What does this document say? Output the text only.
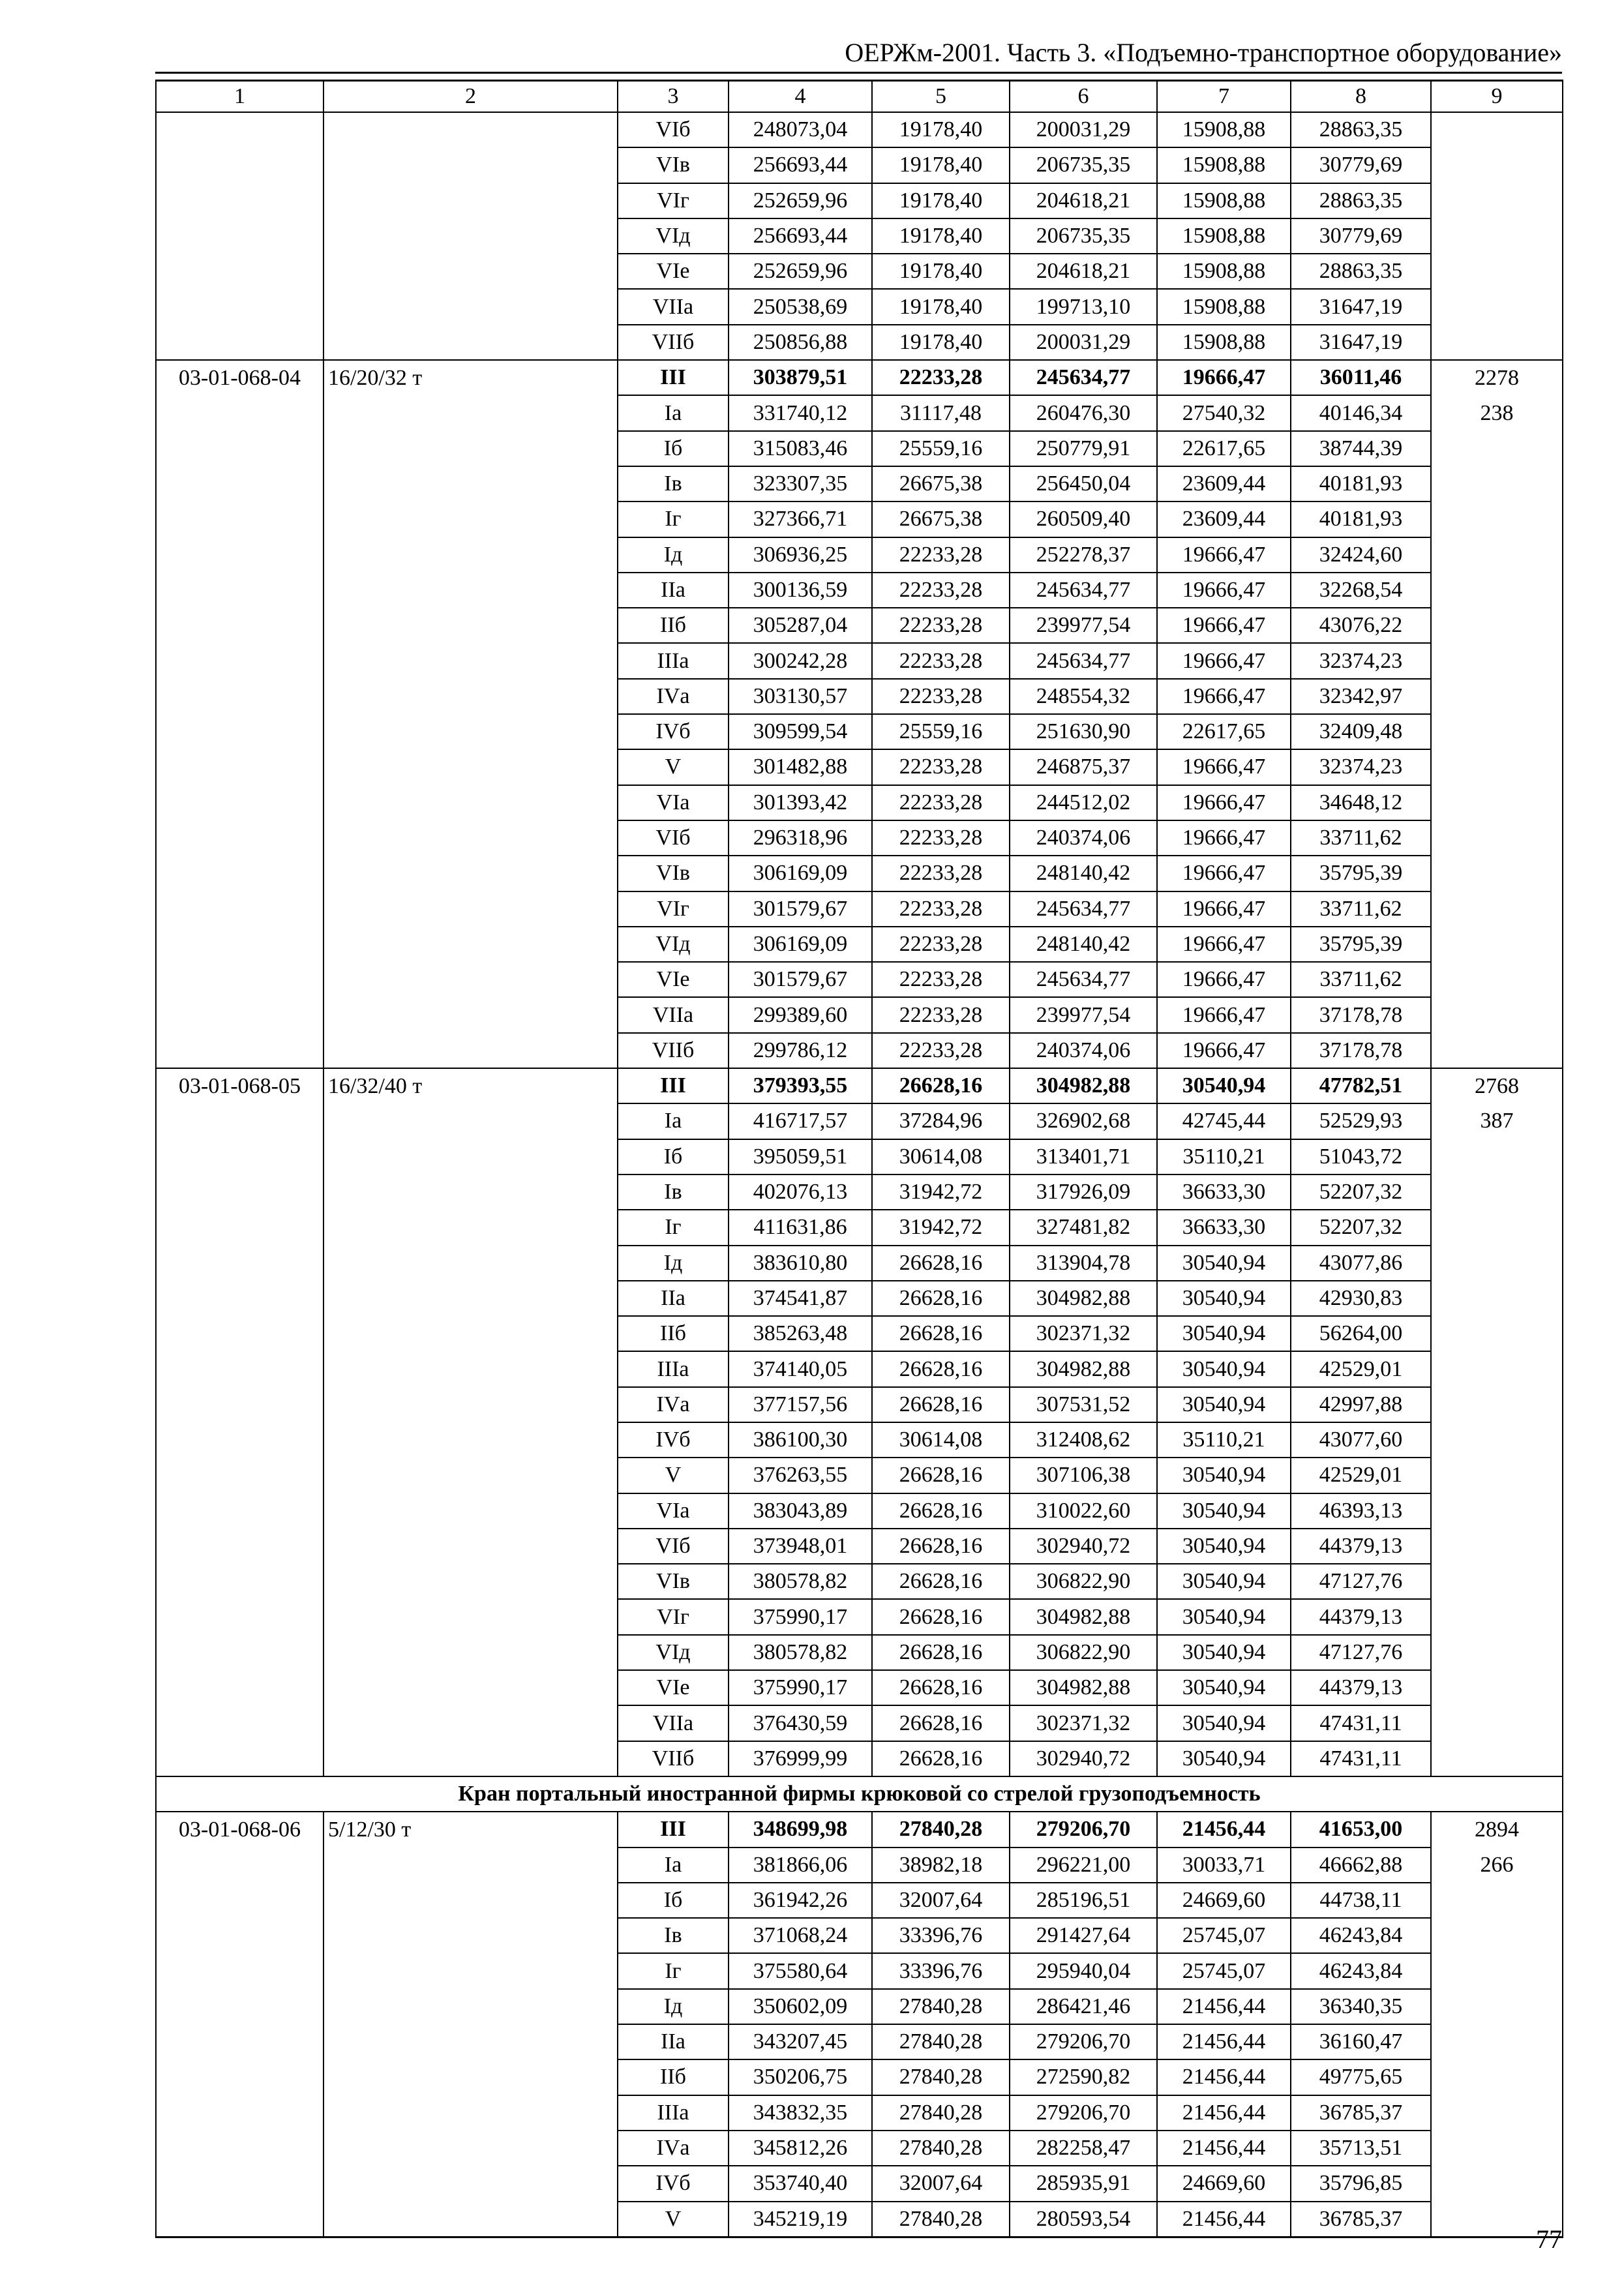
ОЕРЖм-2001. Часть 3. «Подъемно-транспортное оборудование»
1	2	3	4	5	6	7	8	9
		VIб	248073,04	19178,40	200031,29	15908,88	28863,35	
		VIв	256693,44	19178,40	206735,35	15908,88	30779,69	
		VIг	252659,96	19178,40	204618,21	15908,88	28863,35	
		VIд	256693,44	19178,40	206735,35	15908,88	30779,69	
		VIе	252659,96	19178,40	204618,21	15908,88	28863,35	
		VIIа	250538,69	19178,40	199713,10	15908,88	31647,19	
		VIIб	250856,88	19178,40	200031,29	15908,88	31647,19	
03-01-068-04	16/20/32 т	III	303879,51	22233,28	245634,77	19666,47	36011,46	2278
		Iа	331740,12	31117,48	260476,30	27540,32	40146,34	238
		Iб	315083,46	25559,16	250779,91	22617,65	38744,39	
		Iв	323307,35	26675,38	256450,04	23609,44	40181,93	
		Iг	327366,71	26675,38	260509,40	23609,44	40181,93	
		Iд	306936,25	22233,28	252278,37	19666,47	32424,60	
		IIа	300136,59	22233,28	245634,77	19666,47	32268,54	
		IIб	305287,04	22233,28	239977,54	19666,47	43076,22	
		IIIа	300242,28	22233,28	245634,77	19666,47	32374,23	
		IVа	303130,57	22233,28	248554,32	19666,47	32342,97	
		IVб	309599,54	25559,16	251630,90	22617,65	32409,48	
		V	301482,88	22233,28	246875,37	19666,47	32374,23	
		VIа	301393,42	22233,28	244512,02	19666,47	34648,12	
		VIб	296318,96	22233,28	240374,06	19666,47	33711,62	
		VIв	306169,09	22233,28	248140,42	19666,47	35795,39	
		VIг	301579,67	22233,28	245634,77	19666,47	33711,62	
		VIд	306169,09	22233,28	248140,42	19666,47	35795,39	
		VIе	301579,67	22233,28	245634,77	19666,47	33711,62	
		VIIа	299389,60	22233,28	239977,54	19666,47	37178,78	
		VIIб	299786,12	22233,28	240374,06	19666,47	37178,78	
03-01-068-05	16/32/40 т	III	379393,55	26628,16	304982,88	30540,94	47782,51	2768
		Iа	416717,57	37284,96	326902,68	42745,44	52529,93	387
		Iб	395059,51	30614,08	313401,71	35110,21	51043,72	
		Iв	402076,13	31942,72	317926,09	36633,30	52207,32	
		Iг	411631,86	31942,72	327481,82	36633,30	52207,32	
		Iд	383610,80	26628,16	313904,78	30540,94	43077,86	
		IIа	374541,87	26628,16	304982,88	30540,94	42930,83	
		IIб	385263,48	26628,16	302371,32	30540,94	56264,00	
		IIIа	374140,05	26628,16	304982,88	30540,94	42529,01	
		IVа	377157,56	26628,16	307531,52	30540,94	42997,88	
		IVб	386100,30	30614,08	312408,62	35110,21	43077,60	
		V	376263,55	26628,16	307106,38	30540,94	42529,01	
		VIа	383043,89	26628,16	310022,60	30540,94	46393,13	
		VIб	373948,01	26628,16	302940,72	30540,94	44379,13	
		VIв	380578,82	26628,16	306822,90	30540,94	47127,76	
		VIг	375990,17	26628,16	304982,88	30540,94	44379,13	
		VIд	380578,82	26628,16	306822,90	30540,94	47127,76	
		VIе	375990,17	26628,16	304982,88	30540,94	44379,13	
		VIIа	376430,59	26628,16	302371,32	30540,94	47431,11	
		VIIб	376999,99	26628,16	302940,72	30540,94	47431,11	
Кран портальный иностранной фирмы крюковой со стрелой грузоподъемность								
03-01-068-06	5/12/30 т	III	348699,98	27840,28	279206,70	21456,44	41653,00	2894
		Iа	381866,06	38982,18	296221,00	30033,71	46662,88	266
		Iб	361942,26	32007,64	285196,51	24669,60	44738,11	
		Iв	371068,24	33396,76	291427,64	25745,07	46243,84	
		Iг	375580,64	33396,76	295940,04	25745,07	46243,84	
		Iд	350602,09	27840,28	286421,46	21456,44	36340,35	
		IIа	343207,45	27840,28	279206,70	21456,44	36160,47	
		IIб	350206,75	27840,28	272590,82	21456,44	49775,65	
		IIIа	343832,35	27840,28	279206,70	21456,44	36785,37	
		IVа	345812,26	27840,28	282258,47	21456,44	35713,51	
		IVб	353740,40	32007,64	285935,91	24669,60	35796,85	
		V	345219,19	27840,28	280593,54	21456,44	36785,37	
77
